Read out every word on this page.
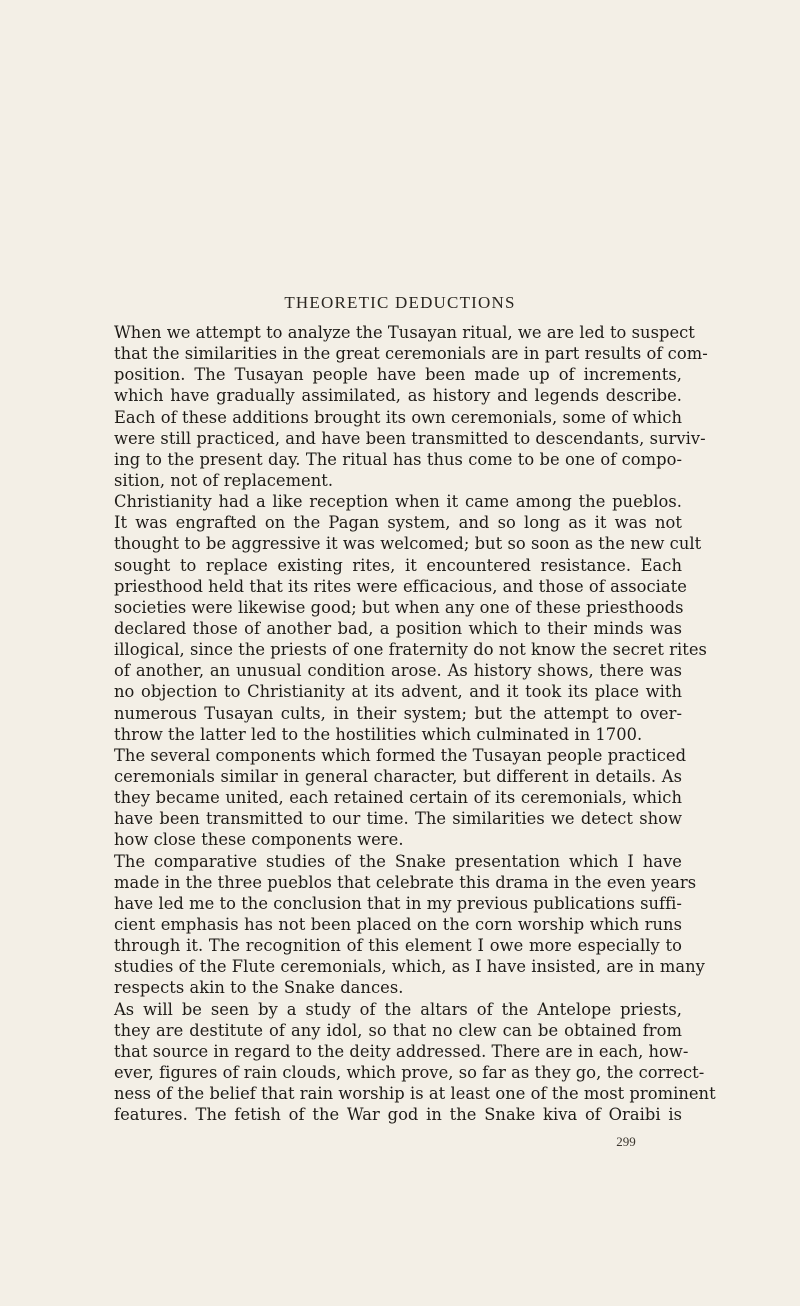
THEORETIC DEDUCTIONS
When we attempt to analyze the Tusayan ritual, we are led to suspect
that the similarities in the great ceremonials are in part results of com-
position. The Tusayan people have been made up of increments,
which have gradually assimilated, as history and legends describe.
Each of these additions brought its own ceremonials, some of which
were still practiced, and have been transmitted to descendants, surviv-
ing to the present day. The ritual has thus come to be one of compo-
sition, not of replacement.
Christianity had a like reception when it came among the pueblos.
It was engrafted on the Pagan system, and so long as it was not
thought to be aggressive it was welcomed; but so soon as the new cult
sought to replace existing rites, it encountered resistance. Each
priesthood held that its rites were efficacious, and those of associate
societies were likewise good; but when any one of these priesthoods
declared those of another bad, a position which to their minds was
illogical, since the priests of one fraternity do not know the secret rites
of another, an unusual condition arose. As history shows, there was
no objection to Christianity at its advent, and it took its place with
numerous Tusayan cults, in their system; but the attempt to over-
throw the latter led to the hostilities which culminated in 1700.
The several components which formed the Tusayan people practiced
ceremonials similar in general character, but different in details. As
they became united, each retained certain of its ceremonials, which
have been transmitted to our time. The similarities we detect show
how close these components were.
The comparative studies of the Snake presentation which I have
made in the three pueblos that celebrate this drama in the even years
have led me to the conclusion that in my previous publications suffi-
cient emphasis has not been placed on the corn worship which runs
through it. The recognition of this element I owe more especially to
studies of the Flute ceremonials, which, as I have insisted, are in many
respects akin to the Snake dances.
As will be seen by a study of the altars of the Antelope priests,
they are destitute of any idol, so that no clew can be obtained from
that source in regard to the deity addressed. There are in each, how-
ever, figures of rain clouds, which prove, so far as they go, the correct-
ness of the belief that rain worship is at least one of the most prominent
features. The fetish of the War god in the Snake kiva of Oraibi is
299
